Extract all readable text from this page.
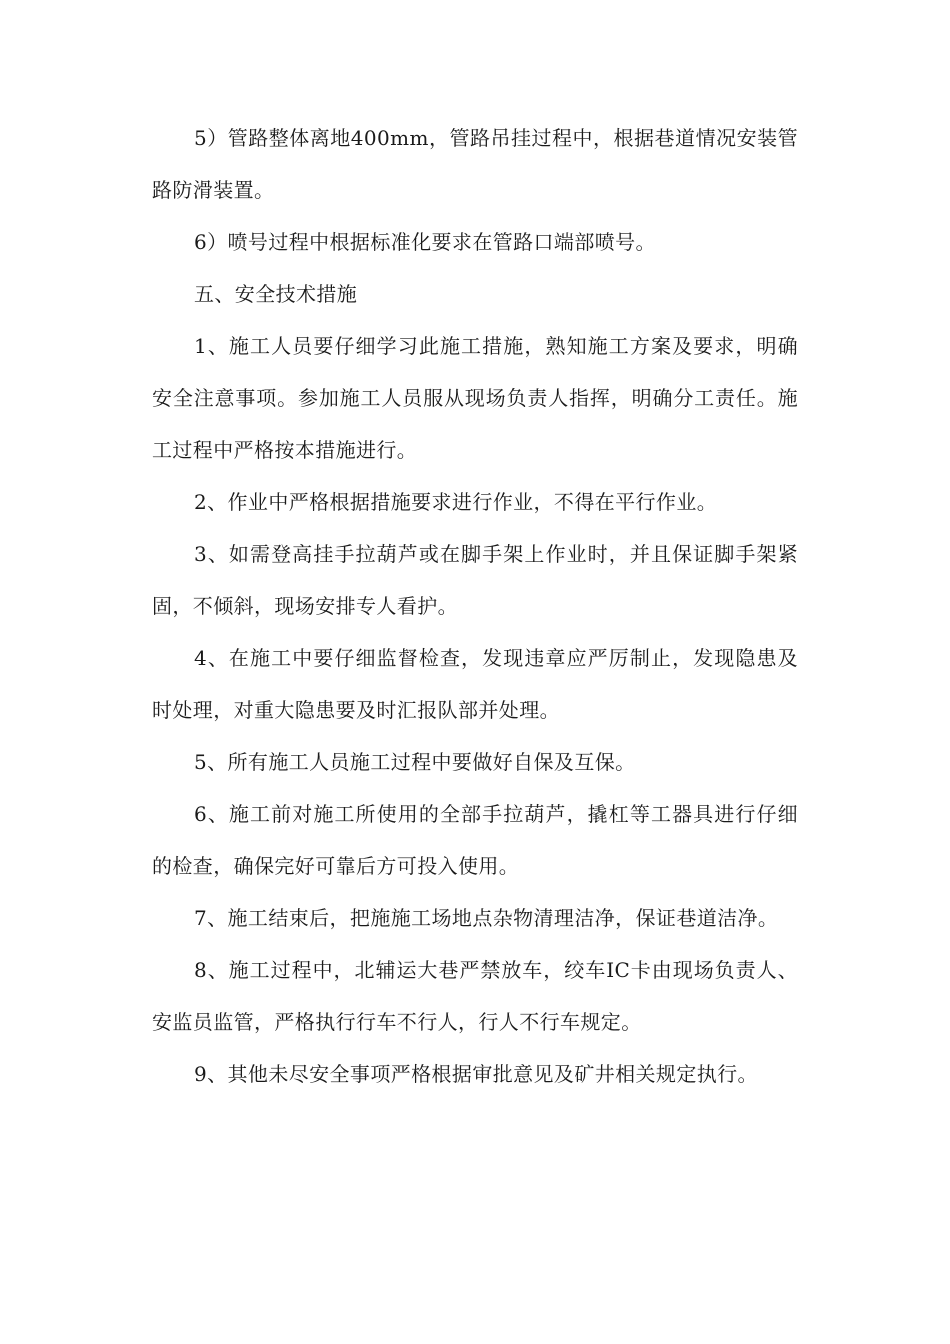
5）管路整体离地400mm，管路吊挂过程中，根据巷道情况安装管路防滑装置。

6）喷号过程中根据标准化要求在管路口端部喷号。

五、安全技术措施

1、施工人员要仔细学习此施工措施，熟知施工方案及要求，明确安全注意事项。参加施工人员服从现场负责人指挥，明确分工责任。施工过程中严格按本措施进行。

2、作业中严格根据措施要求进行作业，不得在平行作业。

3、如需登高挂手拉葫芦或在脚手架上作业时，并且保证脚手架紧固，不倾斜，现场安排专人看护。

4、在施工中要仔细监督检查，发现违章应严厉制止，发现隐患及时处理，对重大隐患要及时汇报队部并处理。

5、所有施工人员施工过程中要做好自保及互保。

6、施工前对施工所使用的全部手拉葫芦，撬杠等工器具进行仔细的检查，确保完好可靠后方可投入使用。

7、施工结束后，把施施工场地点杂物清理洁净，保证巷道洁净。

8、施工过程中，北辅运大巷严禁放车，绞车IC卡由现场负责人、安监员监管，严格执行行车不行人，行人不行车规定。

9、其他未尽安全事项严格根据审批意见及矿井相关规定执行。
